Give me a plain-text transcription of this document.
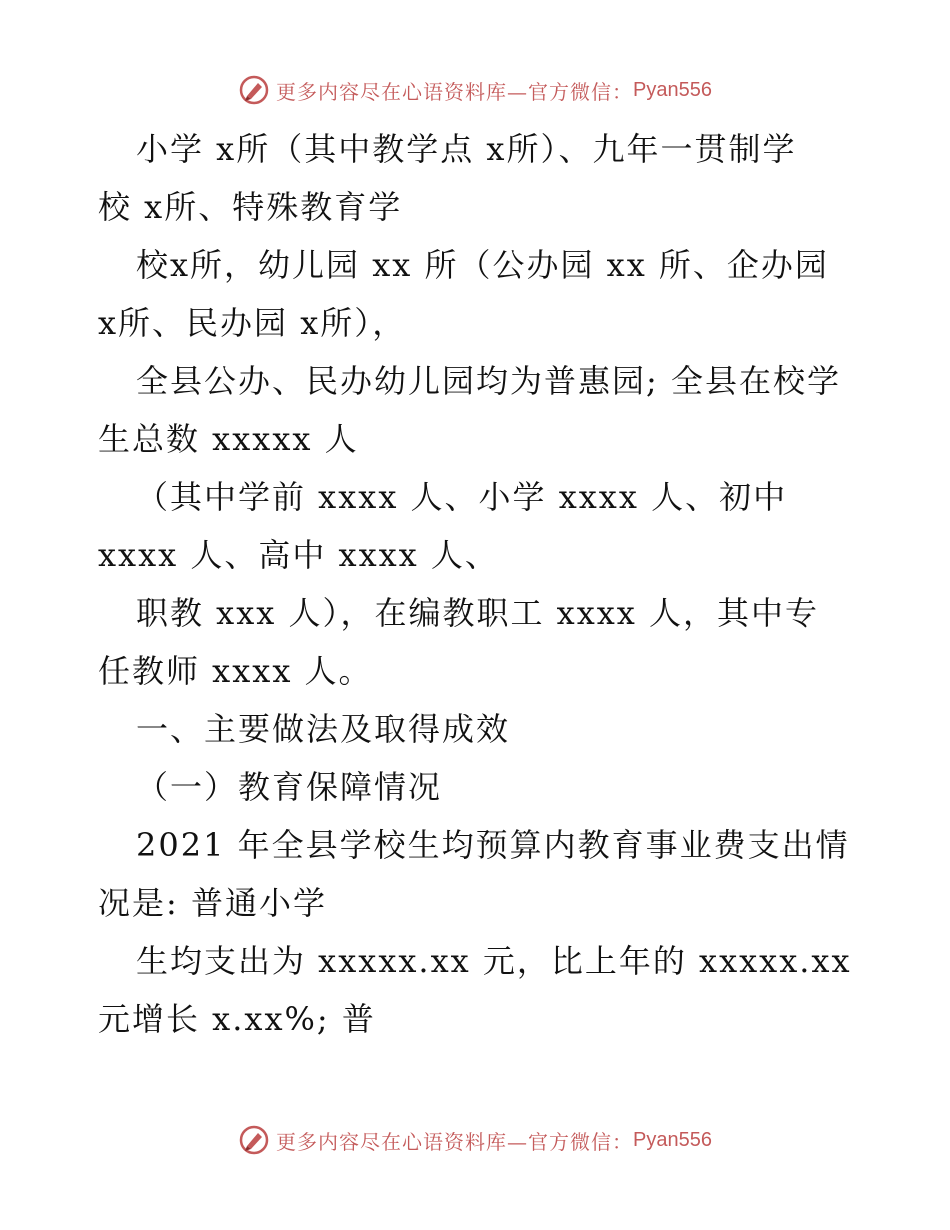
更多内容尽在心语资料库—官方微信： Pyan556
小学 x所（其中教学点 x所）、九年一贯制学
校 x所、特殊教育学
校x所，幼儿园 xx 所（公办园 xx 所、企办园
x所、民办园 x所），
全县公办、民办幼儿园均为普惠园; 全县在校学
生总数 xxxxx 人
（其中学前 xxxx 人、小学 xxxx 人、初中
xxxx 人、高中 xxxx 人、
职教 xxx 人），在编教职工 xxxx 人，其中专
任教师 xxxx 人。
一、主要做法及取得成效
（一）教育保障情况
2021 年全县学校生均预算内教育事业费支出情
况是: 普通小学
生均支出为 xxxxx.xx 元，比上年的 xxxxx.xx
元增长 x.xx%; 普
更多内容尽在心语资料库—官方微信： Pyan556
